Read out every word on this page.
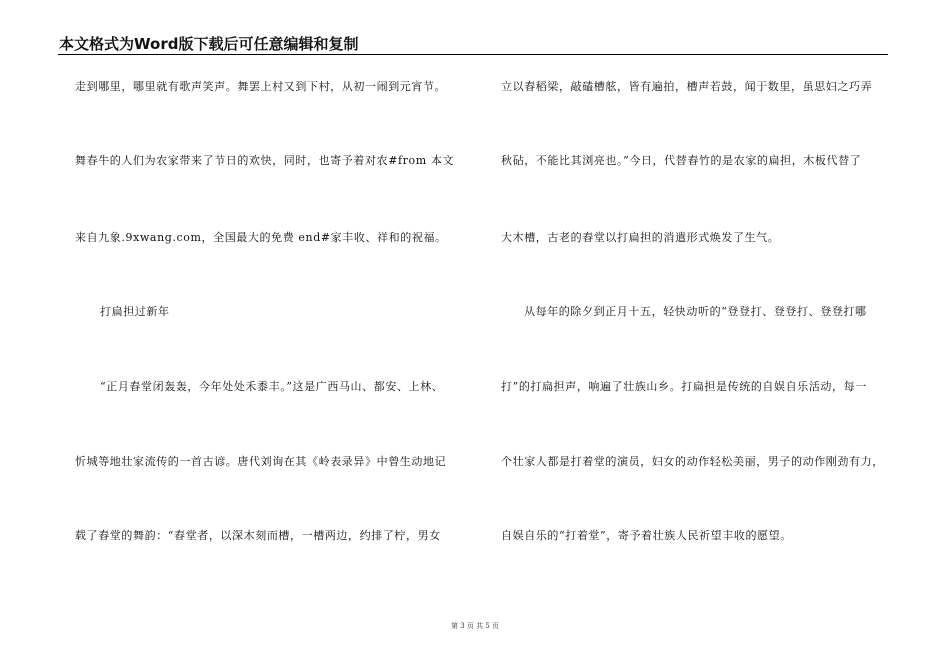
本文格式为Word版下载后可任意编辑和复制
走到哪里，哪里就有歌声笑声。舞罢上村又到下村，从初一闹到元宵节。
舞春牛的人们为农家带来了节日的欢快，同时，也寄予着对农#from 本文
来自九象.9xwang.com，全国最大的免费 end#家丰收、祥和的祝福。
打扁担过新年
“正月舂堂闭轰轰，今年处处禾黍丰。”这是广西马山、都安、上林、
忻城等地壮家流传的一首古谚。唐代刘询在其《岭表录异》中曾生动地记
载了舂堂的舞韵：“舂堂者，以深木刻而槽，一槽两边，约排了柠，男女
立以舂稻梁，敲磕槽舷，皆有遍拍，槽声若鼓，闻于数里，虽思妇之巧弄
秋砧，不能比其浏亮也。”今日，代替舂竹的是农家的扁担，木板代替了
大木槽，古老的舂堂以打扁担的消遣形式焕发了生气。
从每年的除夕到正月十五，轻快动听的“登登打、登登打、登登打哪
打”的打扁担声，响遍了壮族山乡。打扁担是传统的自娱自乐活动，每一
个壮家人都是打着堂的演员，妇女的动作轻松美丽，男子的动作刚劲有力，
自娱自乐的“打着堂”，寄予着壮族人民祈望丰收的愿望。
第 3 页 共 5 页
